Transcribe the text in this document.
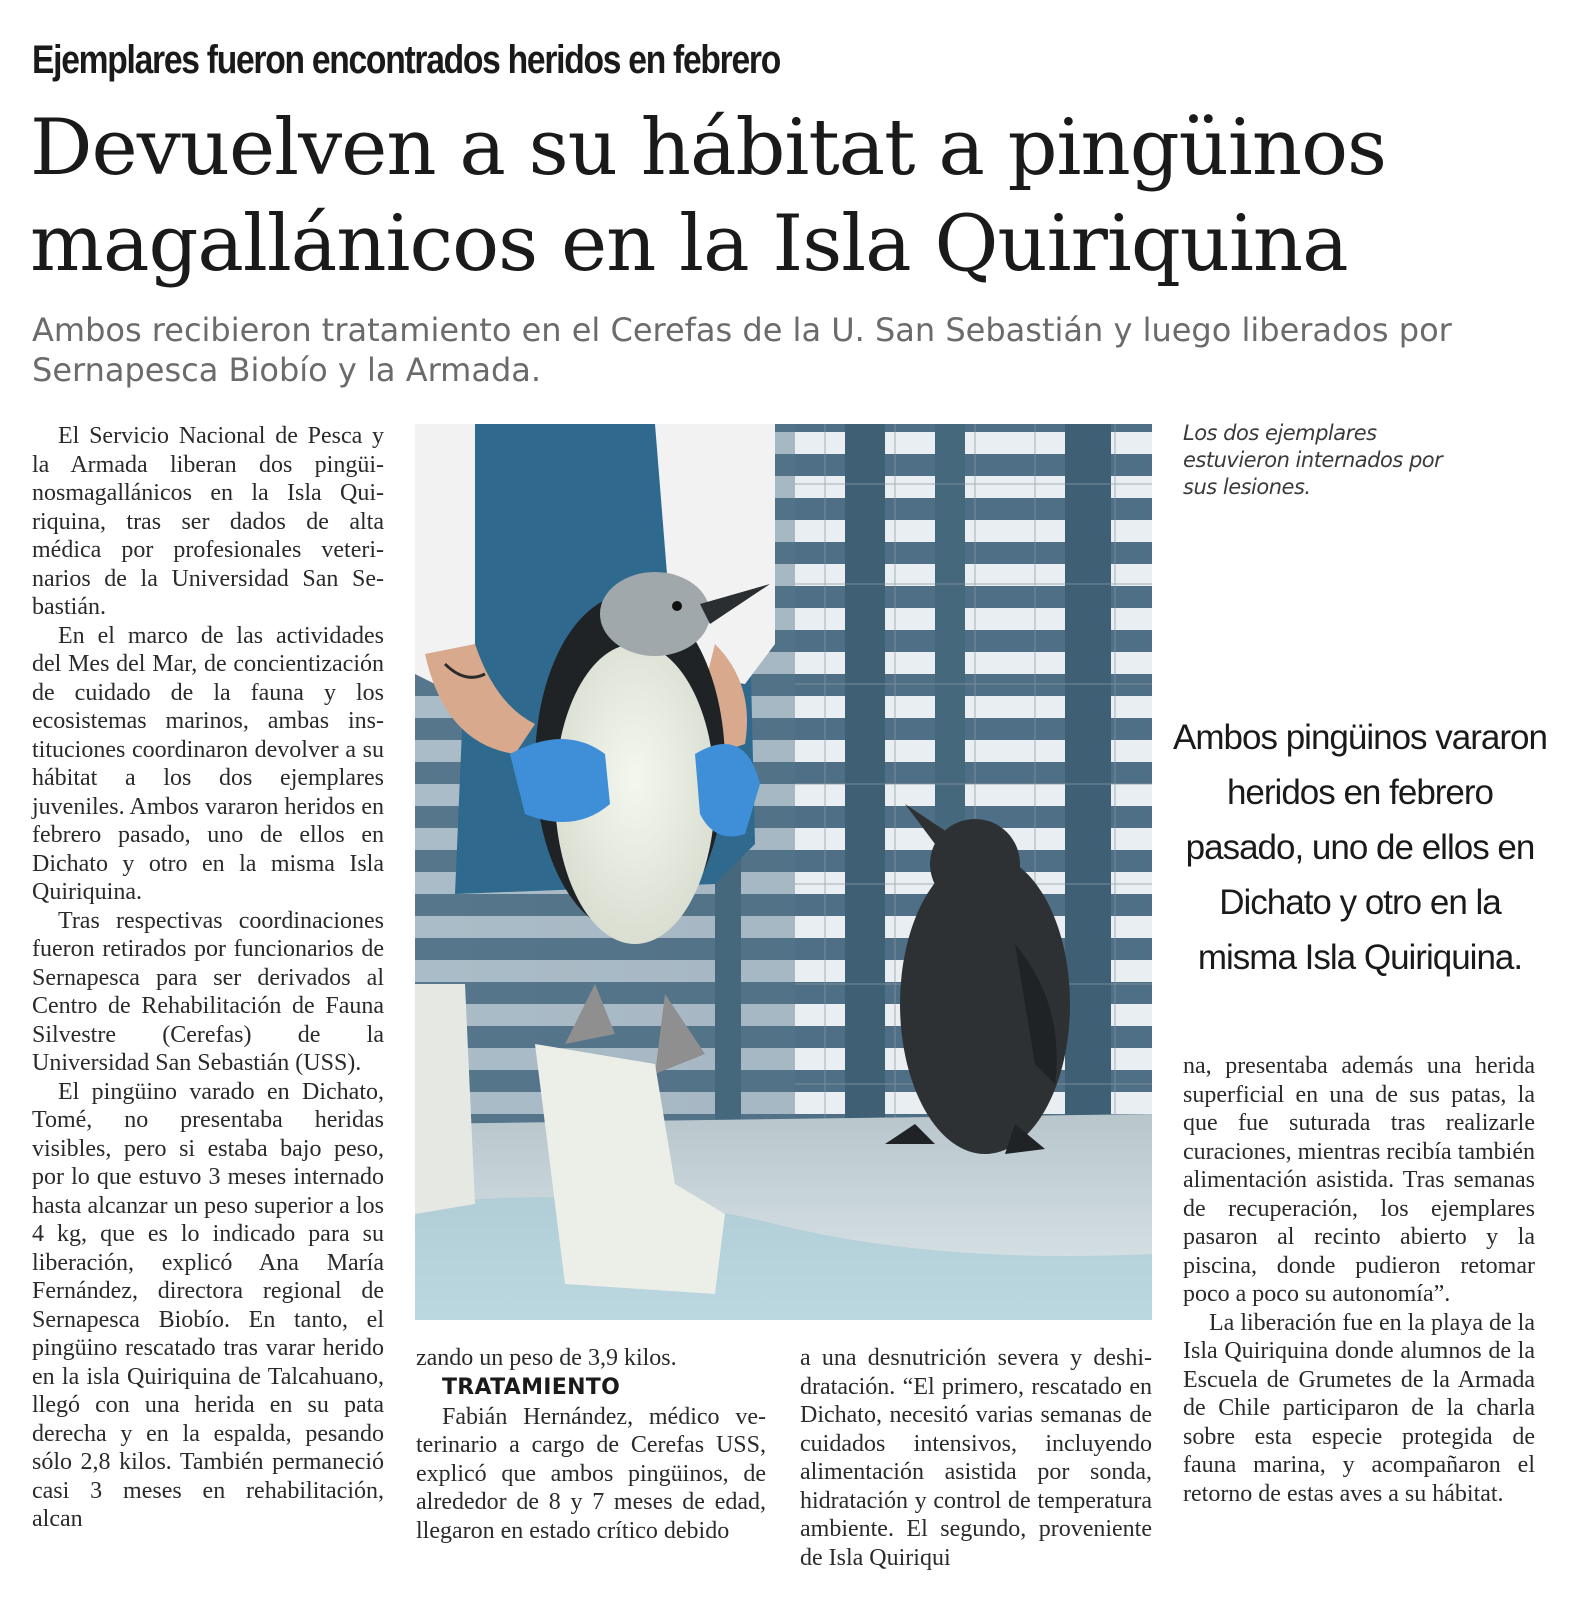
Ejemplares fueron encontrados heridos en febrero
Devuelven a su hábitat a pingüinos
magallánicos en la Isla Quiriquina
Ambos recibieron tratamiento en el Cerefas de la U. San Sebastián y luego liberados por
Sernapesca Biobío y la Armada.

El Servicio Nacional de Pesca y la Armada liberan dos pingüinosmagallánicos en la Isla Quiriquina, tras ser dados de alta médica por profesionales veterinarios de la Universidad San Sebastián.

En el marco de las actividades del Mes del Mar, de concientización de cuidado de la fauna y los ecosistemas marinos, ambas instituciones coordinaron devolver a su hábitat a los dos ejemplares juveniles. Ambos vararon heridos en febrero pasado, uno de ellos en Dichato y otro en la misma Isla Quiriquina.

Tras respectivas coordinaciones fueron retirados por funcionarios de Sernapesca para ser derivados al Centro de Rehabilitación de Fauna Silvestre (Cerefas) de la Universidad San Sebastián (USS).

El pingüino varado en Dichato, Tomé, no presentaba heridas visibles, pero si estaba bajo peso, por lo que estuvo 3 meses internado hasta alcanzar un peso superior a los 4 kg, que es lo indicado para su liberación, explicó Ana María Fernández, directora regional de Sernapesca Biobío. En tanto, el pingüino rescatado tras varar herido en la isla Quiriquina de Talcahuano, llegó con una herida en su pata derecha y en la espalda, pesando sólo 2,8 kilos. También permaneció casi 3 meses en rehabilitación, alcan

Los dos ejemplares estuvieron internados por sus lesiones.
Ambos pingüinos vararon heridos en febrero pasado, uno de ellos en Dichato y otro en la misma Isla Quiriquina.

zando un peso de 3,9 kilos.

TRATAMIENTO

Fabián Hernández, médico veterinario a cargo de Cerefas USS, explicó que ambos pingüinos, de alrededor de 8 y 7 meses de edad, llegaron en estado crítico debido

a una desnutrición severa y deshidratación. “El primero, rescatado en Dichato, necesitó varias semanas de cuidados intensivos, incluyendo alimentación asistida por sonda, hidratación y control de temperatura ambiente. El segundo, proveniente de Isla Quiriqui

na, presentaba además una herida superficial en una de sus patas, la que fue suturada tras realizarle curaciones, mientras recibía también alimentación asistida. Tras semanas de recuperación, los ejemplares pasaron al recinto abierto y la piscina, donde pudieron retomar poco a poco su autonomía”.

La liberación fue en la playa de la Isla Quiriquina donde alumnos de la Escuela de Grumetes de la Armada de Chile participaron de la charla sobre esta especie protegida de fauna marina, y acompañaron el retorno de estas aves a su hábitat.
